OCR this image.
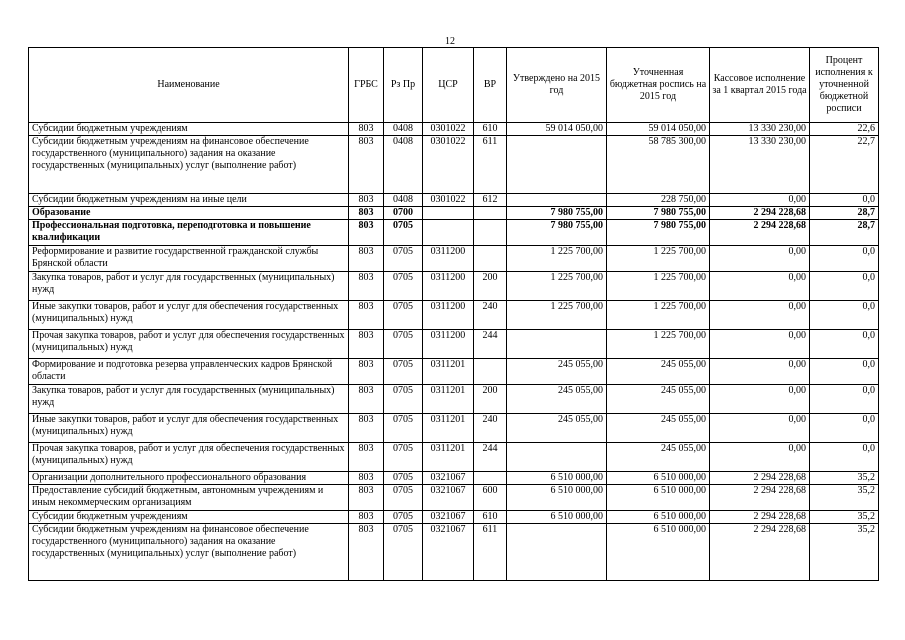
12
Наименование	ГРБС	Рз Пр	ЦСР	ВР	Утверждено на 2015 год	Уточненная бюджетная роспись на 2015 год	Кассовое исполнение за 1 квартал 2015 года	Процент исполнения к уточненной бюджетной росписи
Субсидии бюджетным учреждениям	803	0408	0301022	610	59 014 050,00	59 014 050,00	13 330 230,00	22,6
Субсидии бюджетным учреждениям на финансовое обеспечение государственного (муниципального) задания на оказание государственных (муниципальных) услуг (выполнение работ)	803	0408	0301022	611		58 785 300,00	13 330 230,00	22,7
Субсидии бюджетным учреждениям на иные цели	803	0408	0301022	612		228 750,00	0,00	0,0
Образование	803	0700			7 980 755,00	7 980 755,00	2 294 228,68	28,7
Профессиональная подготовка, переподготовка и повышение квалификации	803	0705			7 980 755,00	7 980 755,00	2 294 228,68	28,7
Реформирование и развитие государственной гражданской службы Брянской области	803	0705	0311200		1 225 700,00	1 225 700,00	0,00	0,0
Закупка товаров, работ и услуг для государственных (муниципальных) нужд	803	0705	0311200	200	1 225 700,00	1 225 700,00	0,00	0,0
Иные закупки товаров, работ и услуг для обеспечения государственных (муниципальных) нужд	803	0705	0311200	240	1 225 700,00	1 225 700,00	0,00	0,0
Прочая закупка товаров, работ и услуг для обеспечения государственных (муниципальных) нужд	803	0705	0311200	244		1 225 700,00	0,00	0,0
Формирование и подготовка резерва управленческих кадров Брянской области	803	0705	0311201		245 055,00	245 055,00	0,00	0,0
Закупка товаров, работ и услуг для государственных (муниципальных) нужд	803	0705	0311201	200	245 055,00	245 055,00	0,00	0,0
Иные закупки товаров, работ и услуг для обеспечения государственных (муниципальных) нужд	803	0705	0311201	240	245 055,00	245 055,00	0,00	0,0
Прочая закупка товаров, работ и услуг для обеспечения государственных (муниципальных) нужд	803	0705	0311201	244		245 055,00	0,00	0,0
Организации дополнительного профессионального образования	803	0705	0321067		6 510 000,00	6 510 000,00	2 294 228,68	35,2
Предоставление субсидий бюджетным, автономным учреждениям и иным некоммерческим организациям	803	0705	0321067	600	6 510 000,00	6 510 000,00	2 294 228,68	35,2
Субсидии бюджетным учреждениям	803	0705	0321067	610	6 510 000,00	6 510 000,00	2 294 228,68	35,2
Субсидии бюджетным учреждениям на финансовое обеспечение государственного (муниципального) задания на оказание государственных (муниципальных) услуг (выполнение работ)	803	0705	0321067	611		6 510 000,00	2 294 228,68	35,2
